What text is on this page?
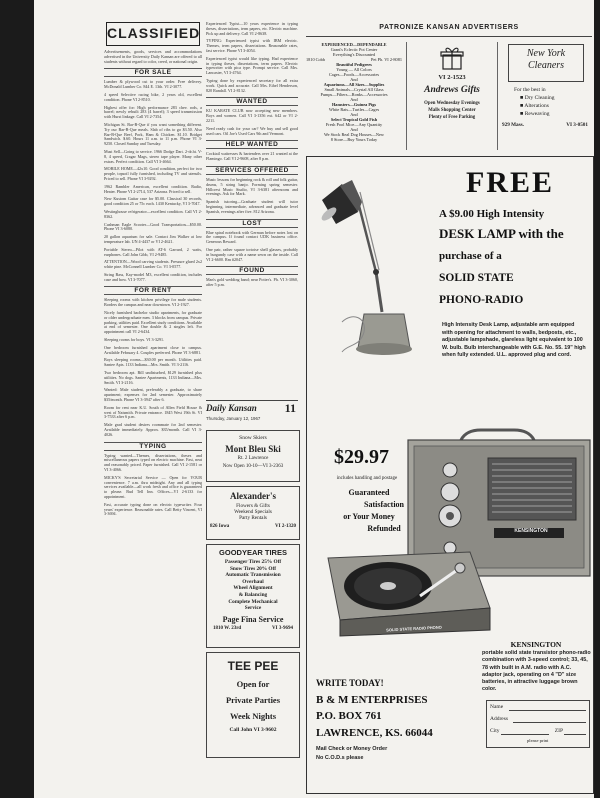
CLASSIFIED
Advertisements, goods, services and accommodations advertised in the University Daily Kansan are offered to all students without regard to color, creed, or national origin.
FOR SALE
Lumber & plywood cut to your order. Free delivery. McDonald Lumber Co. 844 E. 13th. VI 2-3077.
4 speed Selective racing bike, 2 years old, excellent condition. Phone VI 2-8510.
Highest offer for: High performance 283 chev. rods, a barrel; newly rebuilt 283 (4 barrel); 3 speed transmission with Hurst linkage. Call VI 2-7354.
Michigan St. Bar-B-Que if you want something different. Try our Bar-B-Que meals. Slab of ribs to go $3.50. Also Bar-B-Que Beef, Pork, Ham & Chicken. $1.10. Bridget Sandwich. $.60. Hours 11 a.m. to 11 p.m. Phone VI 3-9250. Closed Sunday and Tuesday.
Must Sell—Going to service. 1966 Dodge Dart. 2-dr.ht. V-8, 4 speed, Cragar Mags, stereo tape player. Many other extras. Perfect condition. Call VI 3-4664.
MOBILE HOME—42x10. Good condition, perfect for two people, topsoil fully furnished, including TV and utensils. Priced to sell. Phone VI 3-9292.
1962 Rambler American, excellent condition. Radio, Heater. Phone VI 2-2714, 537 Arizona. Priced to sell.
New Kustom Guitar case for $5.00. Classical 30 records, good condition 25 or 75c each. 1430 Kentucky, VI 3-7047.
Westinghouse refrigerator—excellent condition. Call VI 2-8362.
Cushman Eagle Scooter—Good Transportation—$50.00. Phone VI 3-6080.
20 gallon aquarium for sale. Contact Jim Walker at low temperature lab. UN 4-4437 or VI 2-4621.
Portable Stereo—Pilot with AT-6 Garrard, 2 watts, earphones. Call John Gibb, VI 2-9485.
ATTENTION—Wood carving students. Pressure glued 2x2 white pine. McConnell Lumber Co. VI 3-0577.
String Bass, Kay-model M3, excellent condition, includes case and bow. VI 3-7077.
FOR RENT
Sleeping rooms with kitchen privilege for male students. Borders the campus and near downtown. VI 2-1927.
Nicely furnished bachelor studio apartments, for graduate or older undergraduate men. 3 blocks from campus. Private parking, utilities paid. Excellent study conditions. Available at end of semester. One double & 2 singles left. For appointment call VI 2-6434.
Sleeping rooms for boys. VI 3-3291.
One bedroom furnished apartment close to campus. Available February 4. Couples preferred. Phone VI 3-6881.
Boys sleeping rooms—$30.00 per month. Utilities paid. Santee Apts. 1133 Indiana—Mrs. Smith. VI 3-2116.
Two bedroom apt. Bill undisturbed, $129 furnished plus utilities. No dogs. Santee Apartments, 1133 Indiana—Mrs. Smith. VI 3-2116.
Wanted: Male student, preferably a graduate, to share apartment; expenses for 2nd semester. Approximately $35/month. Phone VI 3-3947 after 6.
Room for rent near K.U. South of Allen Field House & west of Naismith. Private entrance. 1845 West 19th St. VI 3-7533 after 6 p.m.
Male grad student desires roommate for 2nd semester. Available immediately. Approx. $35/month. Call VI 3-4026.
TYPING
Typing wanted—Themes, dissertations, theses and miscellaneous papers typed on electric machine. Fast, neat and reasonably priced. Paper furnished. Call VI 2-1581 or VI 3-4066.
MICKY'S Secretarial Service — Open for YOUR convenience. 7 a.m. thru midnight. Any and all typing services available—all work fresh and office is guaranteed to please. Bud Tell Inn. Offices—VI 2-6133 for appointment.
Fast, accurate typing done on electric typewriter. Four years' experience. Reasonable rates. Call Betty Vincent, VI 3-3694.
Experienced Typist—10 years experience in typing theses, dissertations, term papers, etc. Electric machine. Pick up and delivery. Call VI 2-8638.
TYPING: Experienced typist with IBM electric. Themes, term papers, dissertations. Reasonable rates, fast service. Phone VI 3-4054.
Experienced typist would like typing. Had experience in typing theses, dissertations, term papers. Electric typewriter with pica type. Prompt service. Call Mrs. Lancaster, VI 3-4764.
Typing done by experienced secretary for all extra work. Quick and accurate. Call Mrs. Ethel Henderson, 820 Randall. VI 2-8132.
WANTED
KU KARATE CLUB now accepting new members. Boys and women. Call VI 3-1356 ext. 642 or VI 2-2211.
Need ready cash for your car? We buy and sell good used cars. Oil Joe's Used Cars 9th and Vermont.
HELP WANTED
Cocktail waitresses & bartenders over 21 wanted at the Flamingo. Call VI 2-9608, after 8 p.m.
SERVICES OFFERED
Music lessons for beginning rock & roll and folk guitar, drums, 5 string banjo. Forming spring semester. Hillcrest Music Studio, VI 3-6381 afternoons and evenings. Ask for Mark.
Spanish tutoring—Graduate student will tutor beginning, intermediate, advanced and graduate level Spanish, evenings after five. 812 Arizona.
LOST
Blue spiral notebook with German before notes lost on the campus. If found contact UDK business office. Generous Reward.
One pair, rather square tortoise shell glasses, probably in burgundy case with a name sewn on the inside. Call VI 2-6600. Rm #2047.
FOUND
Man's gold wedding band; near Potter's. Ph. VI 3-3060, after 5 p.m.
Daily Kansan 11
Thursday, January 12, 1967
Snow Skiers
Mont Bleu Ski
Rt. 2 Lawrence
Now Open 10-10—VI 3-2363
Alexander's
Flowers & Gifts
Weekend Specials
Party Rentals
826 Iowa	VI 2-1320
GOODYEAR TIRES
Passenger Tires 25% Off
Snow Tires 20% Off
Automatic Transmission
Overhaul
Wheel Alignment
& Balancing
Complete Mechanical
Service
Page Fina Service
1810 W. 23rd	VI 3-9694
TEE PEE
Open for
Private Parties
Week Nights
Call John VI 3-9602
PATRONIZE KANSAN ADVERTISERS
EXPERIENCED—DEPENDABLE
Grant's Eclectic Pot Center
Everything's Discounted
1810 Cobb	Pet Ph. VI 2-8081
Beautiful Pedigrees
Young — All Colors
Cages—Foods—Accessories
And
Aquariums—All Sizes—Supplies
Small Animals—Crystal All Glass
Pumps—Filters—Ronks—Accessories
And
Hamsters—Guinea Pigs
White Rats—Turtles—Cages
And
Select Tropical Gold Fish
Fresh Pool Mice—Any Quantity
And
We Stock Real Dog Houses—New
8 Store—Buy Yours Today
VI 2-1523
Andrews Gifts
Open Wednesday Evenings
Malls Shopping Center
Plenty of Free Parking
New York
Cleaners
For the best in
■ Dry Cleaning
■ Alterations
■ Reweaving
929 Mass.	VI 3-0501
FREE
A $9.00 High Intensity
DESK LAMP with the
purchase of a
SOLID STATE
PHONO-RADIO
High Intensity Desk Lamp, adjustable arm equipped with opening for attachment to walls, bedposts, etc., adjustable lampshade, glareless light equivalent to 100 W. bulb. Bulb interchangeable with G.E. No. 55. 19" high when fully extended. U.L. approved plug and cord.
$29.97
includes handling and postage
Guaranteed
Satisfaction
or Your Money
Refunded	KENSINGTON
SOLID STATE RADIO PHONO
KENSINGTON
portable solid state transistor phono-radio combination with 3-speed control; 33, 45, 78 with built in A.M. radio with A.C. adaptor jack, operating on 4 "D" size batteries, in attractive luggage brown color.
WRITE TODAY!
B & M ENTERPRISES
P.O. BOX 761
LAWRENCE, KS. 66044
Mail Check or Money Order
No C.O.D.s please
Name
Address
City	ZIP
please print
